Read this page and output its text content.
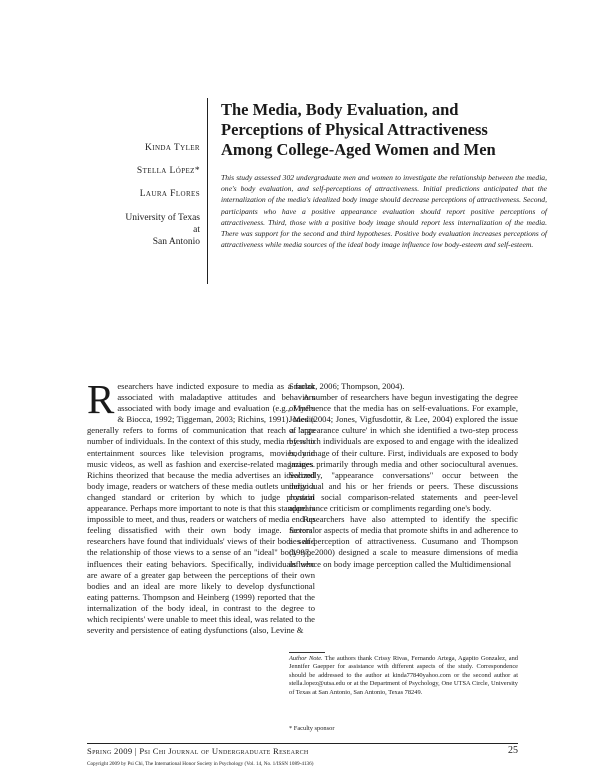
Kinda Tyler
Stella López*
Laura Flores
University of Texas at
San Antonio
The Media, Body Evaluation, and
Perceptions of Physical Attractiveness
Among College-Aged Women and Men

This study assessed 302 undergraduate men and women to investigate the relationship between the media, one's body evaluation, and self-perceptions of attractiveness. Initial predictions anticipated that the internalization of the media's idealized body image should decrease perceptions of attractiveness. Second, participants who have a positive appearance evaluation should report positive perceptions of attractiveness. Third, those with a positive body image should report less internalization of the media. There was support for the second and third hypotheses. Positive body evaluation increases perceptions of attractiveness while media sources of the ideal body image influence low body-esteem and self-esteem.

Researchers have indicted exposure to media as a factor associated with maladaptive attitudes and behaviors associated with body image and evaluation (e.g., Myers & Biocca, 1992; Tiggeman, 2003; Richins, 1991). Media generally refers to forms of communication that reach a large number of individuals. In the context of this study, media refers to entertainment sources like television programs, movies, and music videos, as well as fashion and exercise-related magazines. Richins theorized that because the media advertises an idealized body image, readers or watchers of these media outlets undergo a changed standard or criterion by which to judge physical appearance. Perhaps more important to note is that this standard is impossible to meet, and thus, readers or watchers of media end up feeling dissatisfied with their own body image. Several researchers have found that individuals' views of their bodies and the relationship of those views to a sense of an "ideal" body type influences their eating behaviors. Specifically, individuals who are aware of a greater gap between the perceptions of their own bodies and an ideal are more likely to develop dysfunctional eating patterns. Thompson and Heinberg (1999) reported that the internalization of the body ideal, in contrast to the degree to which recipients' were unable to meet this ideal, was related to the severity and persistence of eating dysfunctions (also, Levine &

Smolak, 2006; Thompson, 2004).

A number of researchers have begun investigating the degree of influence that the media has on self-evaluations. For example, Jones (2004; Jones, Vigfusdottir, & Lee, 2004) explored the issue of 'appearance culture' in which she identified a two-step process by which individuals are exposed to and engage with the idealized body image of their culture. First, individuals are exposed to body images primarily through media and other sociocultural avenues. Secondly, "appearance conversations" occur between the individual and his or her friends or peers. These discussions contain social comparison-related statements and peer-level appearance criticism or compliments regarding one's body.

Researchers have also attempted to identify the specific factors or aspects of media that promote shifts in and adherence to a self-perception of attractiveness. Cusumano and Thompson (1997, 2000) designed a scale to measure dimensions of media influence on body image perception called the Multidimensional

Author Note. The authors thank Crissy Rivas, Fernando Artega, Agapito Gonzalez, and Jennifer Gaepper for assistance with different aspects of the study. Correspondence should be addressed to the author at kinda77840yahoo.com or the second author at stella.lopez@utsa.edu or at the Department of Psychology, One UTSA Circle, University of Texas at San Antonio, San Antonio, Texas 78249.

* Faculty sponsor
Spring 2009 | Psi Chi Journal of Undergraduate Research	25
Copyright 2009 by Psi Chi, The International Honor Society in Psychology (Vol. 14, No. 1/ISSN 1089-4136)
